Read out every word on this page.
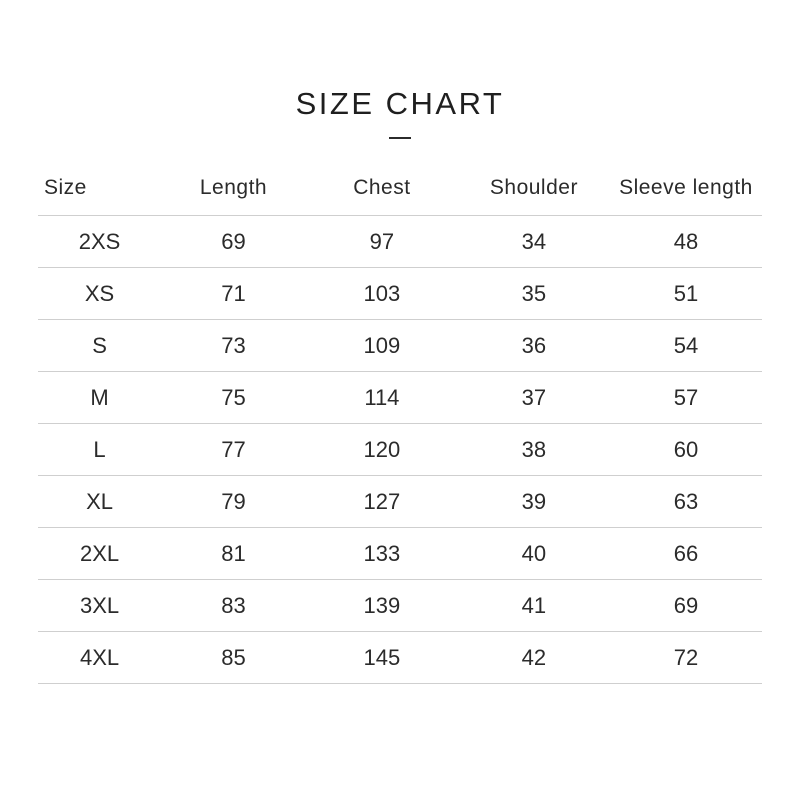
SIZE CHART
Size	Length	Chest	Shoulder	Sleeve length
2XS	69	97	34	48
XS	71	103	35	51
S	73	109	36	54
M	75	114	37	57
L	77	120	38	60
XL	79	127	39	63
2XL	81	133	40	66
3XL	83	139	41	69
4XL	85	145	42	72
